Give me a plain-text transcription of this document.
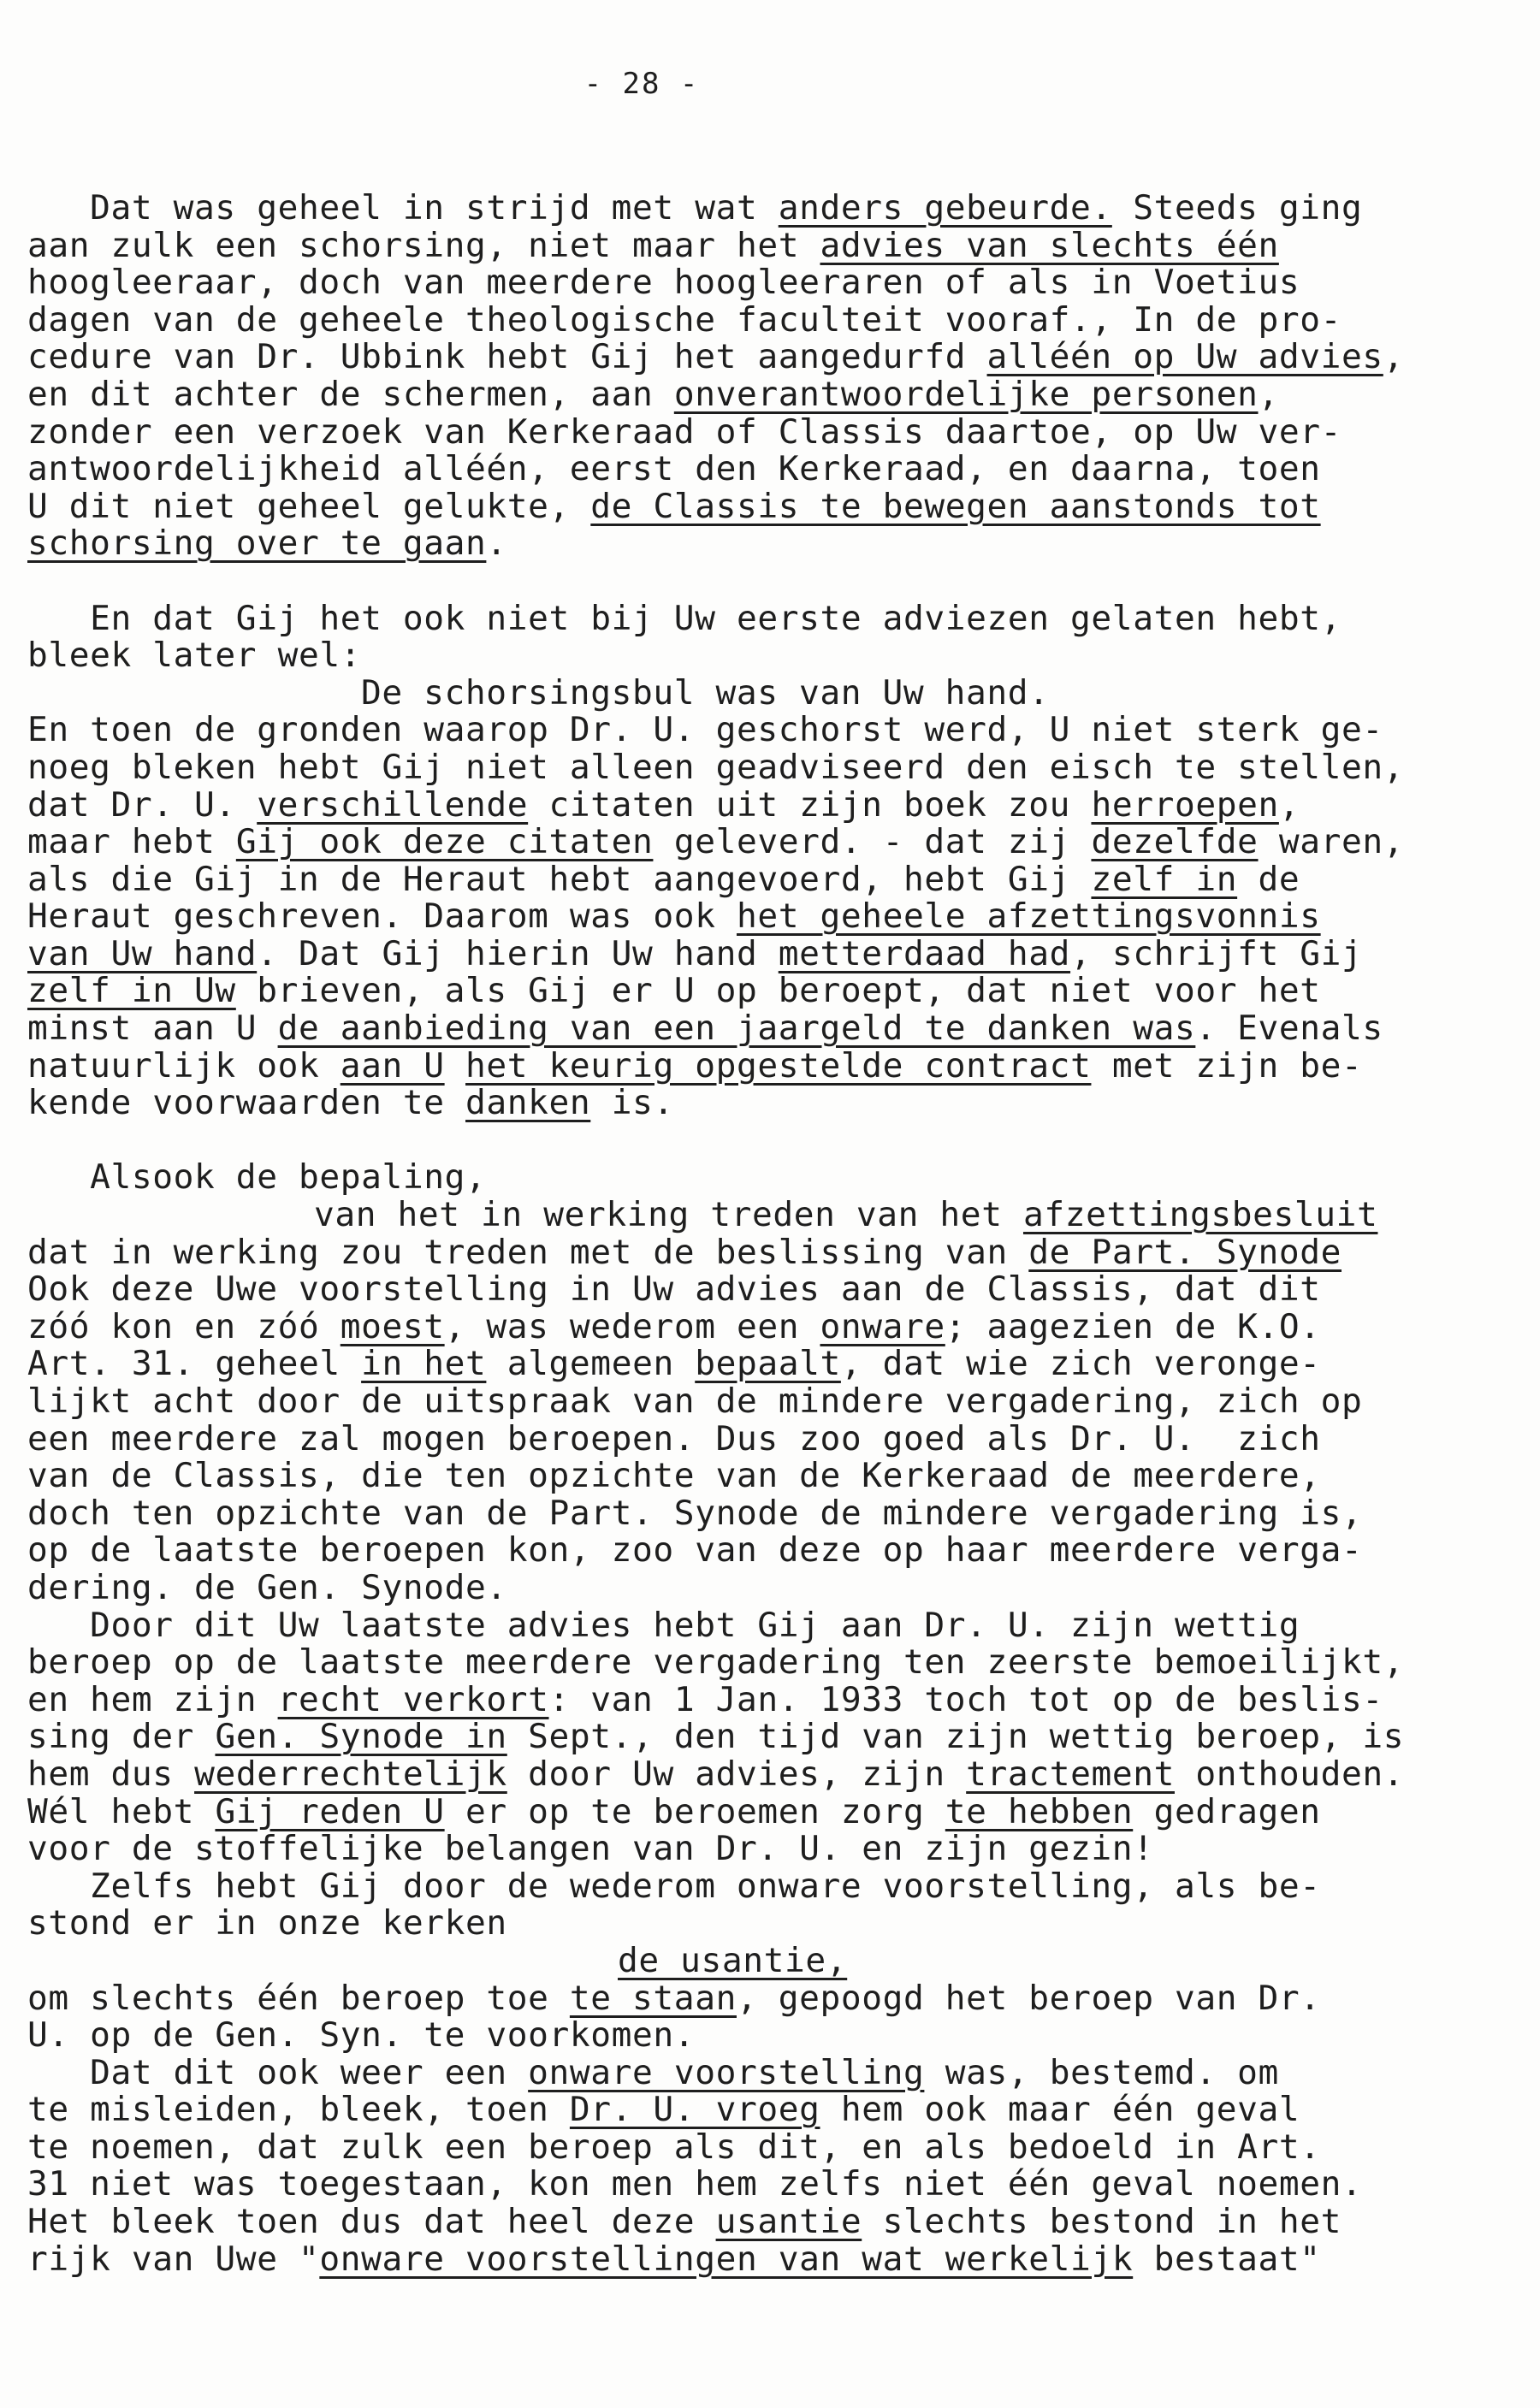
- 28 -
Dat was geheel in strijd met wat anders gebeurde. Steeds ging
aan zulk een schorsing, niet maar het advies van slechts één
hoogleeraar, doch van meerdere hoogleeraren of als in Voetius
dagen van de geheele theologische faculteit vooraf., In de pro-
cedure van Dr. Ubbink hebt Gij het aangedurfd alléén op Uw advies,
en dit achter de schermen, aan onverantwoordelijke personen,
zonder een verzoek van Kerkeraad of Classis daartoe, op Uw ver-
antwoordelijkheid alléén, eerst den Kerkeraad, en daarna, toen
U dit niet geheel gelukte, de Classis te bewegen aanstonds tot
schorsing over te gaan.
En dat Gij het ook niet bij Uw eerste adviezen gelaten hebt,
bleek later wel:
De schorsingsbul was van Uw hand.
En toen de gronden waarop Dr. U. geschorst werd, U niet sterk ge-
noeg bleken hebt Gij niet alleen geadviseerd den eisch te stellen,
dat Dr. U. verschillende citaten uit zijn boek zou herroepen,
maar hebt Gij ook deze citaten geleverd. - dat zij dezelfde waren,
als die Gij in de Heraut hebt aangevoerd, hebt Gij zelf in de
Heraut geschreven. Daarom was ook het geheele afzettingsvonnis
van Uw hand. Dat Gij hierin Uw hand metterdaad had, schrijft Gij
zelf in Uw brieven, als Gij er U op beroept, dat niet voor het
minst aan U de aanbieding van een jaargeld te danken was. Evenals
natuurlijk ook aan U het keurig opgestelde contract met zijn be-
kende voorwaarden te danken is.
Alsook de bepaling,
van het in werking treden van het afzettingsbesluit
dat in werking zou treden met de beslissing van de Part. Synode
Ook deze Uwe voorstelling in Uw advies aan de Classis, dat dit
zóó kon en zóó moest, was wederom een onware; aagezien de K.O.
Art. 31. geheel in het algemeen bepaalt, dat wie zich veronge-
lijkt acht door de uitspraak van de mindere vergadering, zich op
een meerdere zal mogen beroepen. Dus zoo goed als Dr. U.  zich
van de Classis, die ten opzichte van de Kerkeraad de meerdere,
doch ten opzichte van de Part. Synode de mindere vergadering is,
op de laatste beroepen kon, zoo van deze op haar meerdere verga-
dering. de Gen. Synode.
Door dit Uw laatste advies hebt Gij aan Dr. U. zijn wettig
beroep op de laatste meerdere vergadering ten zeerste bemoeilijkt,
en hem zijn recht verkort: van 1 Jan. 1933 toch tot op de beslis-
sing der Gen. Synode in Sept., den tijd van zijn wettig beroep, is
hem dus wederrechtelijk door Uw advies, zijn tractement onthouden.
Wél hebt Gij reden U er op te beroemen zorg te hebben gedragen
voor de stoffelijke belangen van Dr. U. en zijn gezin!
Zelfs hebt Gij door de wederom onware voorstelling, als be-
stond er in onze kerken
de usantie,
om slechts één beroep toe te staan, gepoogd het beroep van Dr.
U. op de Gen. Syn. te voorkomen.
Dat dit ook weer een onware voorstelling was, bestemd. om
te misleiden, bleek, toen Dr. U. vroeg hem ook maar één geval
te noemen, dat zulk een beroep als dit, en als bedoeld in Art.
31 niet was toegestaan, kon men hem zelfs niet één geval noemen.
Het bleek toen dus dat heel deze usantie slechts bestond in het
rijk van Uwe "onware voorstellingen van wat werkelijk bestaat"
